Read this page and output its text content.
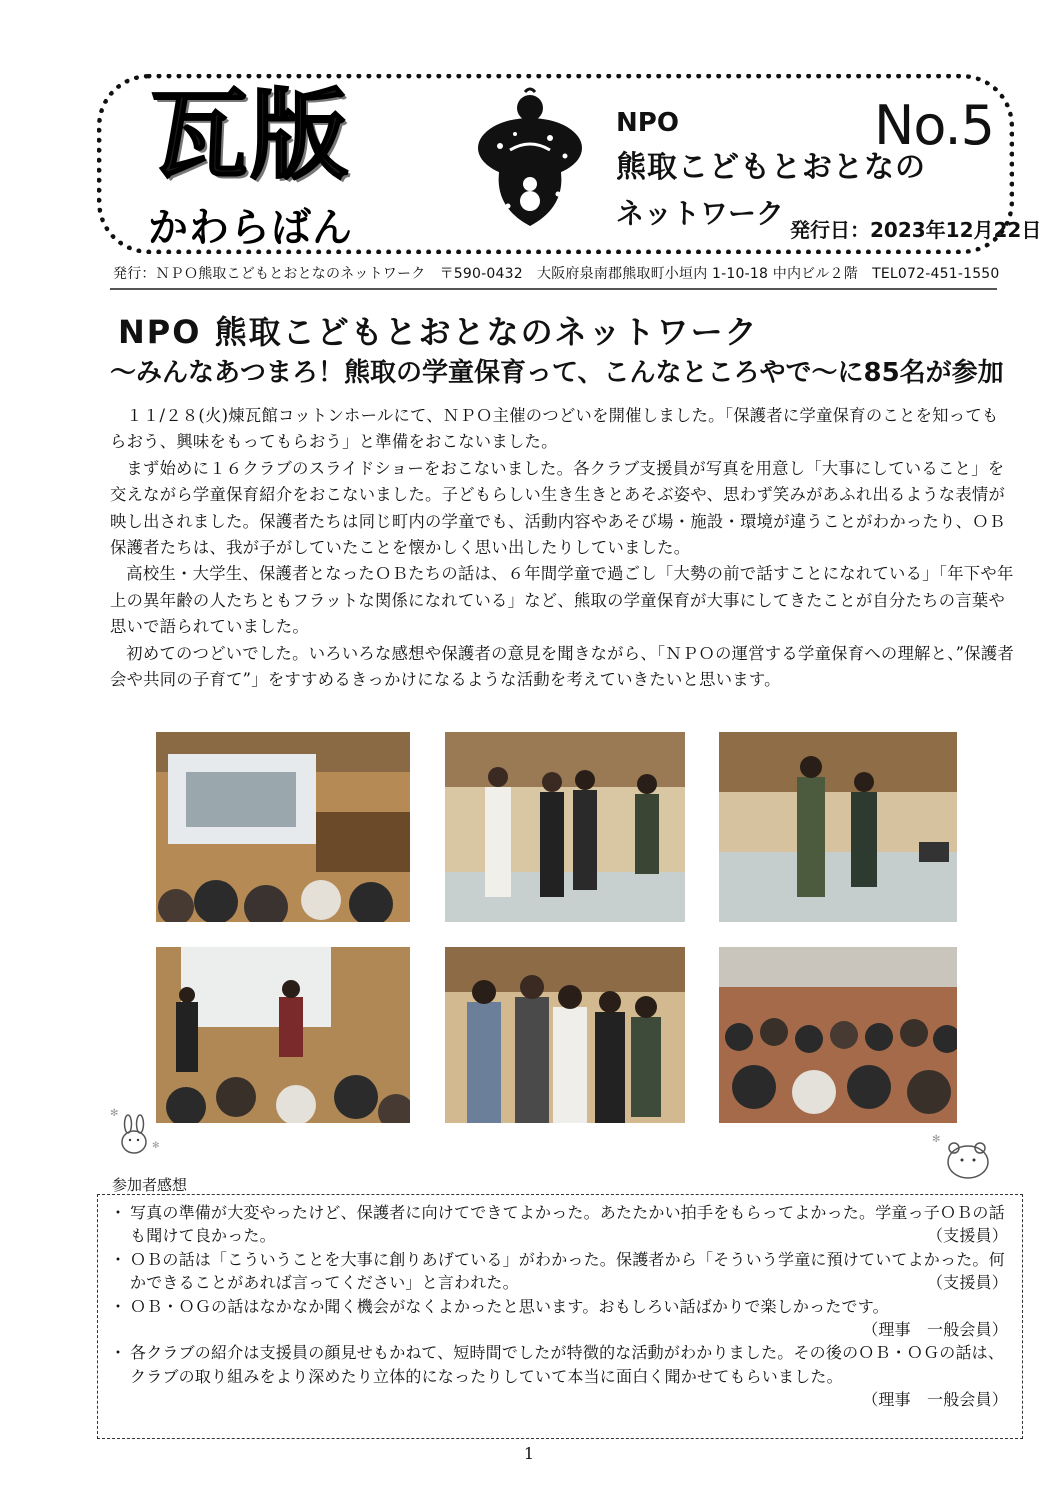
瓦版
かわらばん
NPO
熊取こどもとおとなの
ネットワーク
No.5
発行日：2023年12月22日
発行：ＮＰＯ熊取こどもとおとなのネットワーク　〒590-0432　大阪府泉南郡熊取町小垣内 1-10-18 中内ビル２階　TEL072-451-1550
NPO 熊取こどもとおとなのネットワーク
～みんなあつまろ！熊取の学童保育って、こんなところやで～に85名が参加

１１/２８(火)煉瓦館コットンホールにて、ＮＰＯ主催のつどいを開催しました。「保護者に学童保育のことを知ってもらおう、興味をもってもらおう」と準備をおこないました。

まず始めに１６クラブのスライドショーをおこないました。各クラブ支援員が写真を用意し「大事にしていること」を交えながら学童保育紹介をおこないました。子どもらしい生き生きとあそぶ姿や、思わず笑みがあふれ出るような表情が映し出されました。保護者たちは同じ町内の学童でも、活動内容やあそび場・施設・環境が違うことがわかったり、ＯＢ保護者たちは、我が子がしていたことを懐かしく思い出したりしていました。

高校生・大学生、保護者となったＯＢたちの話は、６年間学童で過ごし「大勢の前で話すことになれている」「年下や年上の異年齢の人たちともフラットな関係になれている」など、熊取の学童保育が大事にしてきたことが自分たちの言葉や思いで語られていました。

初めてのつどいでした。いろいろな感想や保護者の意見を聞きながら、「ＮＰＯの運営する学童保育への理解と、”保護者会や共同の子育て”」をすすめるきっかけになるような活動を考えていきたいと思います。

✻
✻
✻
参加者感想
・ 写真の準備が大変やったけど、保護者に向けてできてよかった。あたたかい拍手をもらってよかった。学童っ子ＯＢの話も聞けて良かった。	（支援員）
・ ＯＢの話は「こういうことを大事に創りあげている」がわかった。保護者から「そういう学童に預けていてよかった。何かできることがあれば言ってください」と言われた。	（支援員）
・ ＯＢ・ＯＧの話はなかなか聞く機会がなくよかったと思います。おもしろい話ばかりで楽しかったです。
（理事　一般会員）
・ 各クラブの紹介は支援員の顔見せもかねて、短時間でしたが特徴的な活動がわかりました。その後のＯＢ・ＯＧの話は、クラブの取り組みをより深めたり立体的になったりしていて本当に面白く聞かせてもらいました。
（理事　一般会員）
1
